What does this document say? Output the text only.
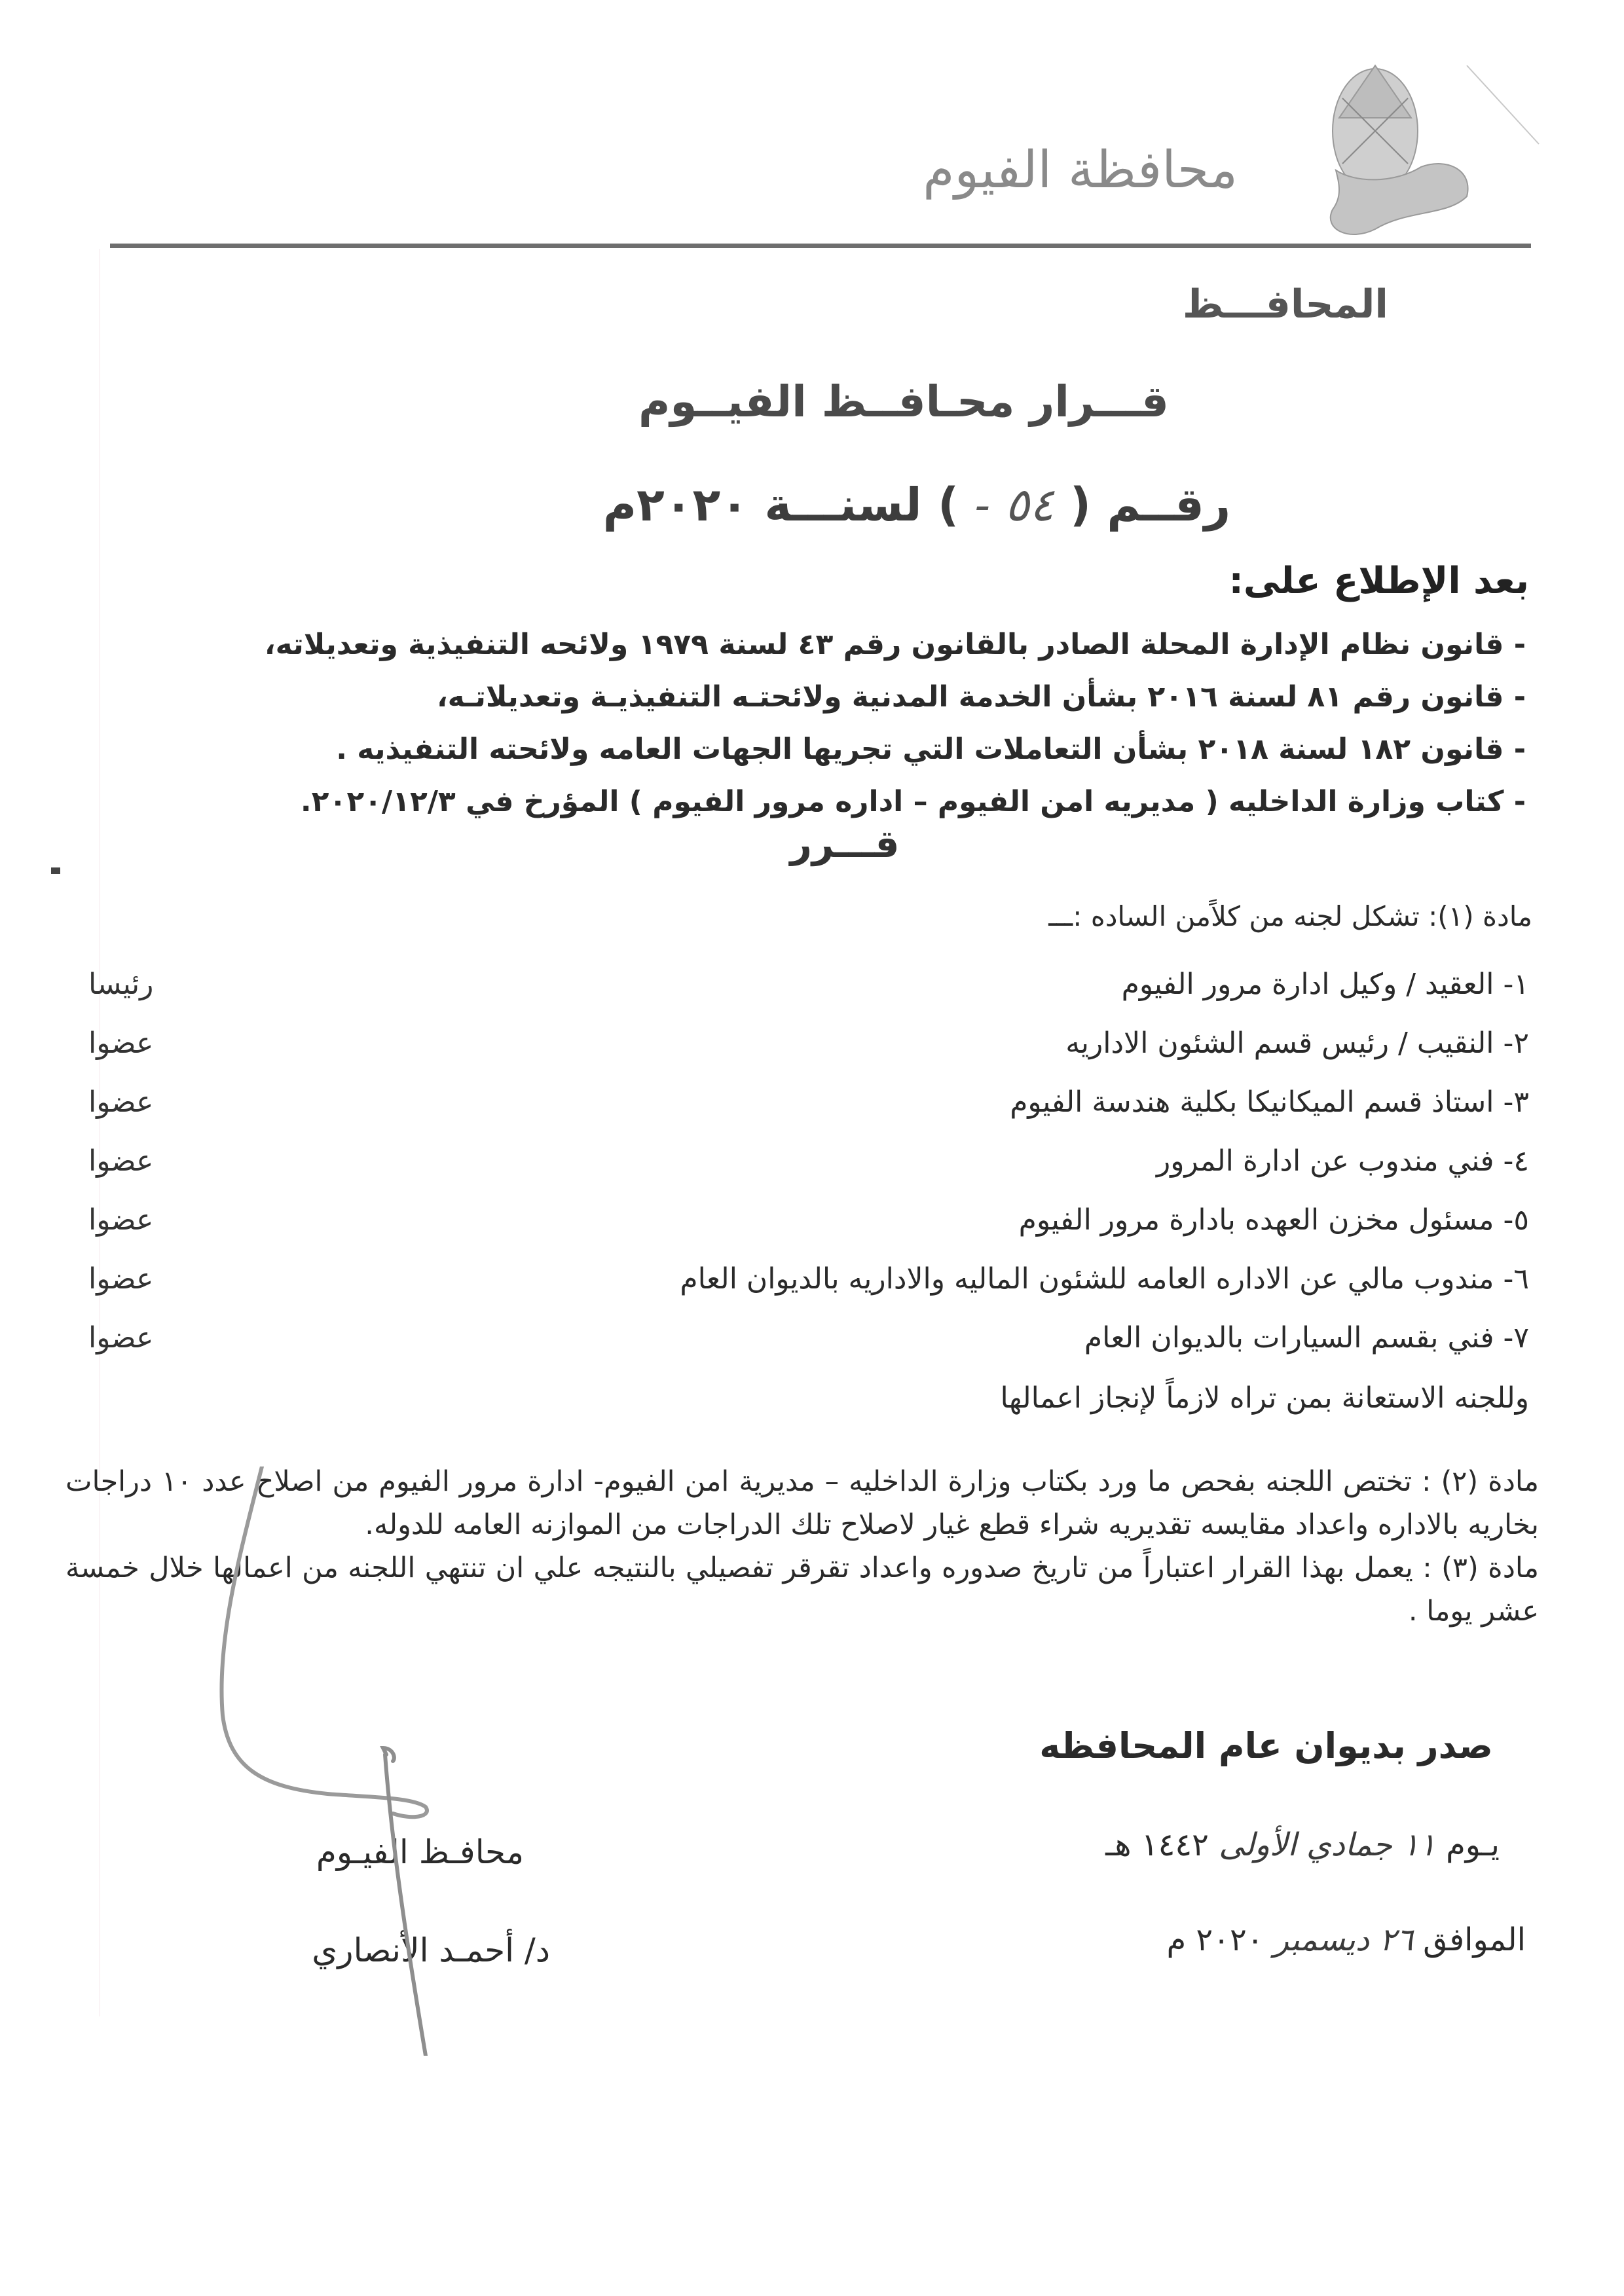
محافظة الفيوم
المحافـــظ
قـــرار محـافــظ الفيــوم
رقــم ( ٥٤ - ) لسنـــة ٢٠٢٠م
بعد الإطلاع على:
- قانون نظام الإدارة المحلة الصادر بالقانون رقم ٤٣ لسنة ١٩٧٩ ولائحه التنفيذية وتعديلاته،
- قانون رقم ٨١ لسنة ٢٠١٦ بشأن الخدمة المدنية ولائحتـه التنفيذيـة وتعديلاتـه،
- قانون ١٨٢ لسنة ٢٠١٨ بشأن التعاملات التي تجريها الجهات العامه ولائحته التنفيذيه .
- كتاب وزارة الداخليه ( مديريه امن الفيوم – اداره مرور الفيوم ) المؤرخ في ٢٠٢٠/١٢/٣.
قـــرر
مادة (١): تشكل لجنه من كلاًمن الساده :ـــ
١- العقيد / وكيل ادارة مرور الفيوم
رئيسا
٢- النقيب / رئيس قسم الشئون الاداريه
عضوا
٣- استاذ قسم الميكانيكا بكلية هندسة الفيوم
عضوا
٤- فني مندوب عن ادارة المرور
عضوا
٥- مسئول مخزن العهده بادارة مرور الفيوم
عضوا
٦- مندوب مالي عن الاداره العامه للشئون الماليه والاداريه بالديوان العام
عضوا
٧- فني بقسم السيارات بالديوان العام
عضوا
وللجنه الاستعانة بمن تراه لازماً لإنجاز اعمالها

مادة (٢) : تختص اللجنه بفحص ما ورد بكتاب وزارة الداخليه – مديرية امن الفيوم- ادارة مرور الفيوم من اصلاح عدد ١٠ دراجات بخاريه بالاداره واعداد مقايسه تقديريه شراء قطع غيار لاصلاح تلك الدراجات من الموازنه العامه للدوله.

مادة (٣) : يعمل بهذا القرار اعتباراً من تاريخ صدوره واعداد تقرقر تفصيلي بالنتيجه علي ان تنتهي اللجنه من اعمالها خلال خمسة عشر يوما .

صدر بديوان عام المحافظه
يـوم ١١ جمادي الأولى ١٤٤٢ هـ
الموافق ٢٦ ديسمبر ٢٠٢٠ م
محافـظ الفيـوم
د/ أحمـد الأنصاري
